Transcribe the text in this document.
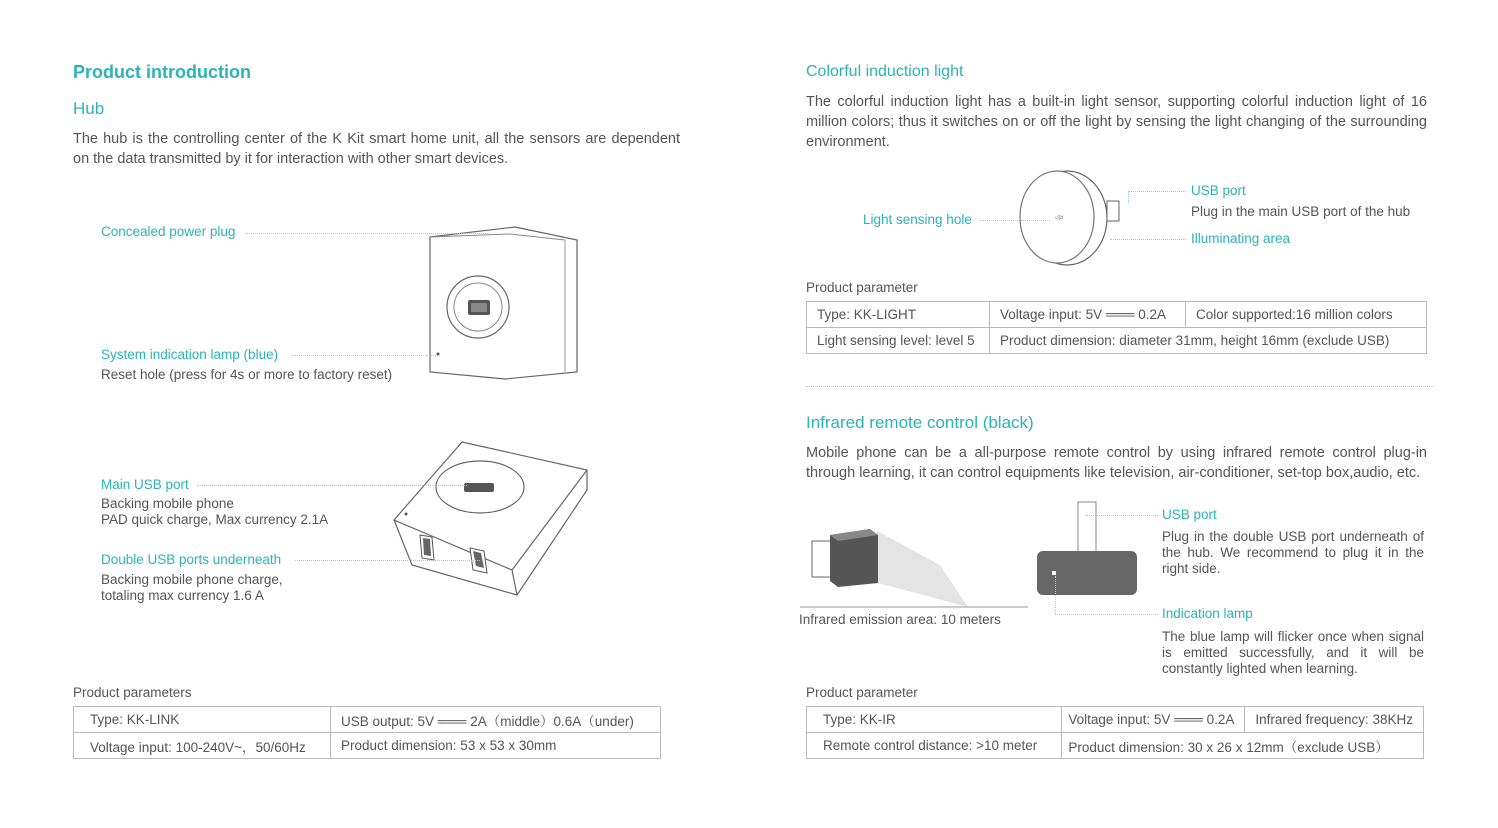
Product introduction
Hub
The hub is the controlling center of the K Kit smart home unit, all the sensors are dependent on the data transmitted by it for interaction with other smart devices.
Concealed power plug
System indication lamp (blue)
Reset hole (press for 4s or more to factory reset)
Main USB port
Backing mobile phone
PAD quick charge, Max currency 2.1A
Double USB ports underneath
Backing mobile phone charge,
totaling max currency 1.6 A
Product parameters
Type: KK-LINK	USB output: 5V ═══ 2A（middle）0.6A（under)
Voltage input: 100-240V~，50/60Hz	Product dimension: 53 x 53 x 30mm
Colorful induction light
The colorful induction light has a built-in light sensor, supporting colorful induction light of 16 million colors; thus it switches on or off the light by sensing the light changing of the surrounding environment.
ঞ
Light sensing hole
USB port
Plug in the main USB port of the hub
Illuminating area
Product parameter
Type: KK-LIGHT	Voltage input: 5V ═══ 0.2A	Color supported:16 million colors
Light sensing level: level 5	Product dimension: diameter 31mm, height 16mm (exclude USB)	
Infrared remote control (black)
Mobile phone can be a all-purpose remote control by using infrared remote control plug-in through learning, it can control equipments like television, air-conditioner, set-top box,audio, etc.
Infrared emission area: 10 meters
USB port
Plug in the double USB port underneath of the hub. We recommend to plug it in the right side.
Indication lamp
The blue lamp will flicker once when signal is emitted successfully, and it will be constantly lighted when learning.
Product parameter
Type: KK-IR	Voltage input: 5V ═══ 0.2A	Infrared frequency: 38KHz
Remote control distance: >10 meter	Product dimension: 30 x 26 x 12mm（exclude USB）	
